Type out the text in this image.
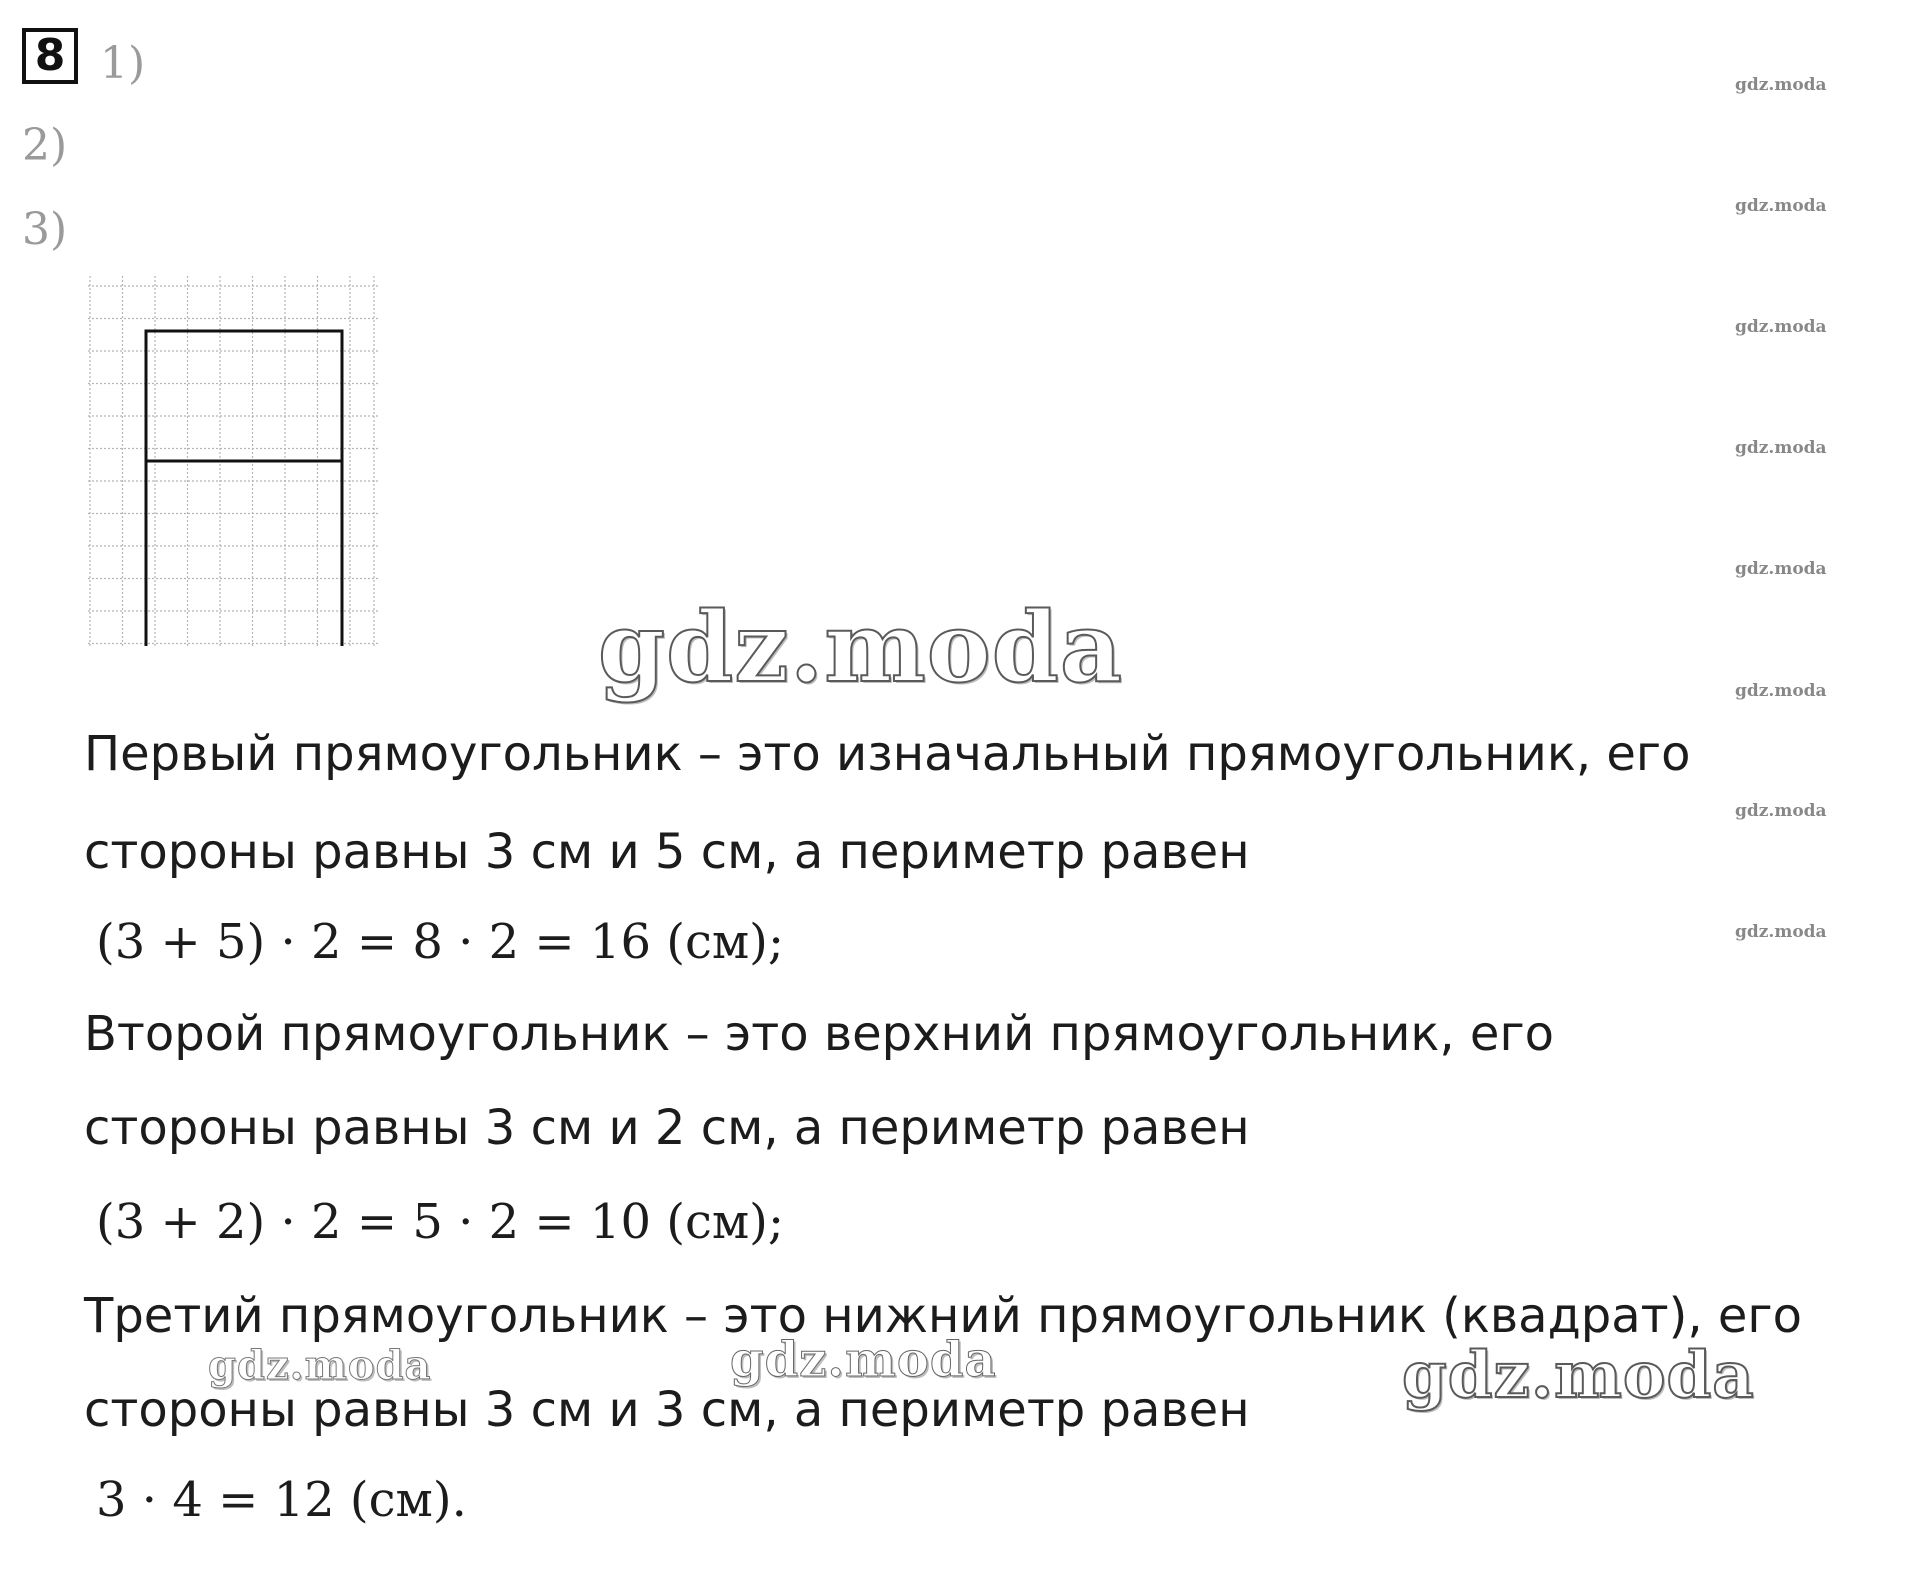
8 1)
2)
3)
gdz.moda
gdz.moda
gdz.moda
gdz.moda
gdz.moda
gdz.moda
gdz.moda
gdz.moda
gdz.moda
Первый прямоугольник – это изначальный прямоугольник, его
стороны равны 3 см и 5 см, а периметр равен
(3 + 5) · 2 = 8 · 2 = 16 (см);
Второй прямоугольник – это верхний прямоугольник, его
стороны равны 3 см и 2 см, а периметр равен
(3 + 2) · 2 = 5 · 2 = 10 (см);
Третий прямоугольник – это нижний прямоугольник (квадрат), его
стороны равны 3 см и 3 см, а периметр равен
3 · 4 = 12 (см).
gdz.moda	gdz.moda	gdz.moda
